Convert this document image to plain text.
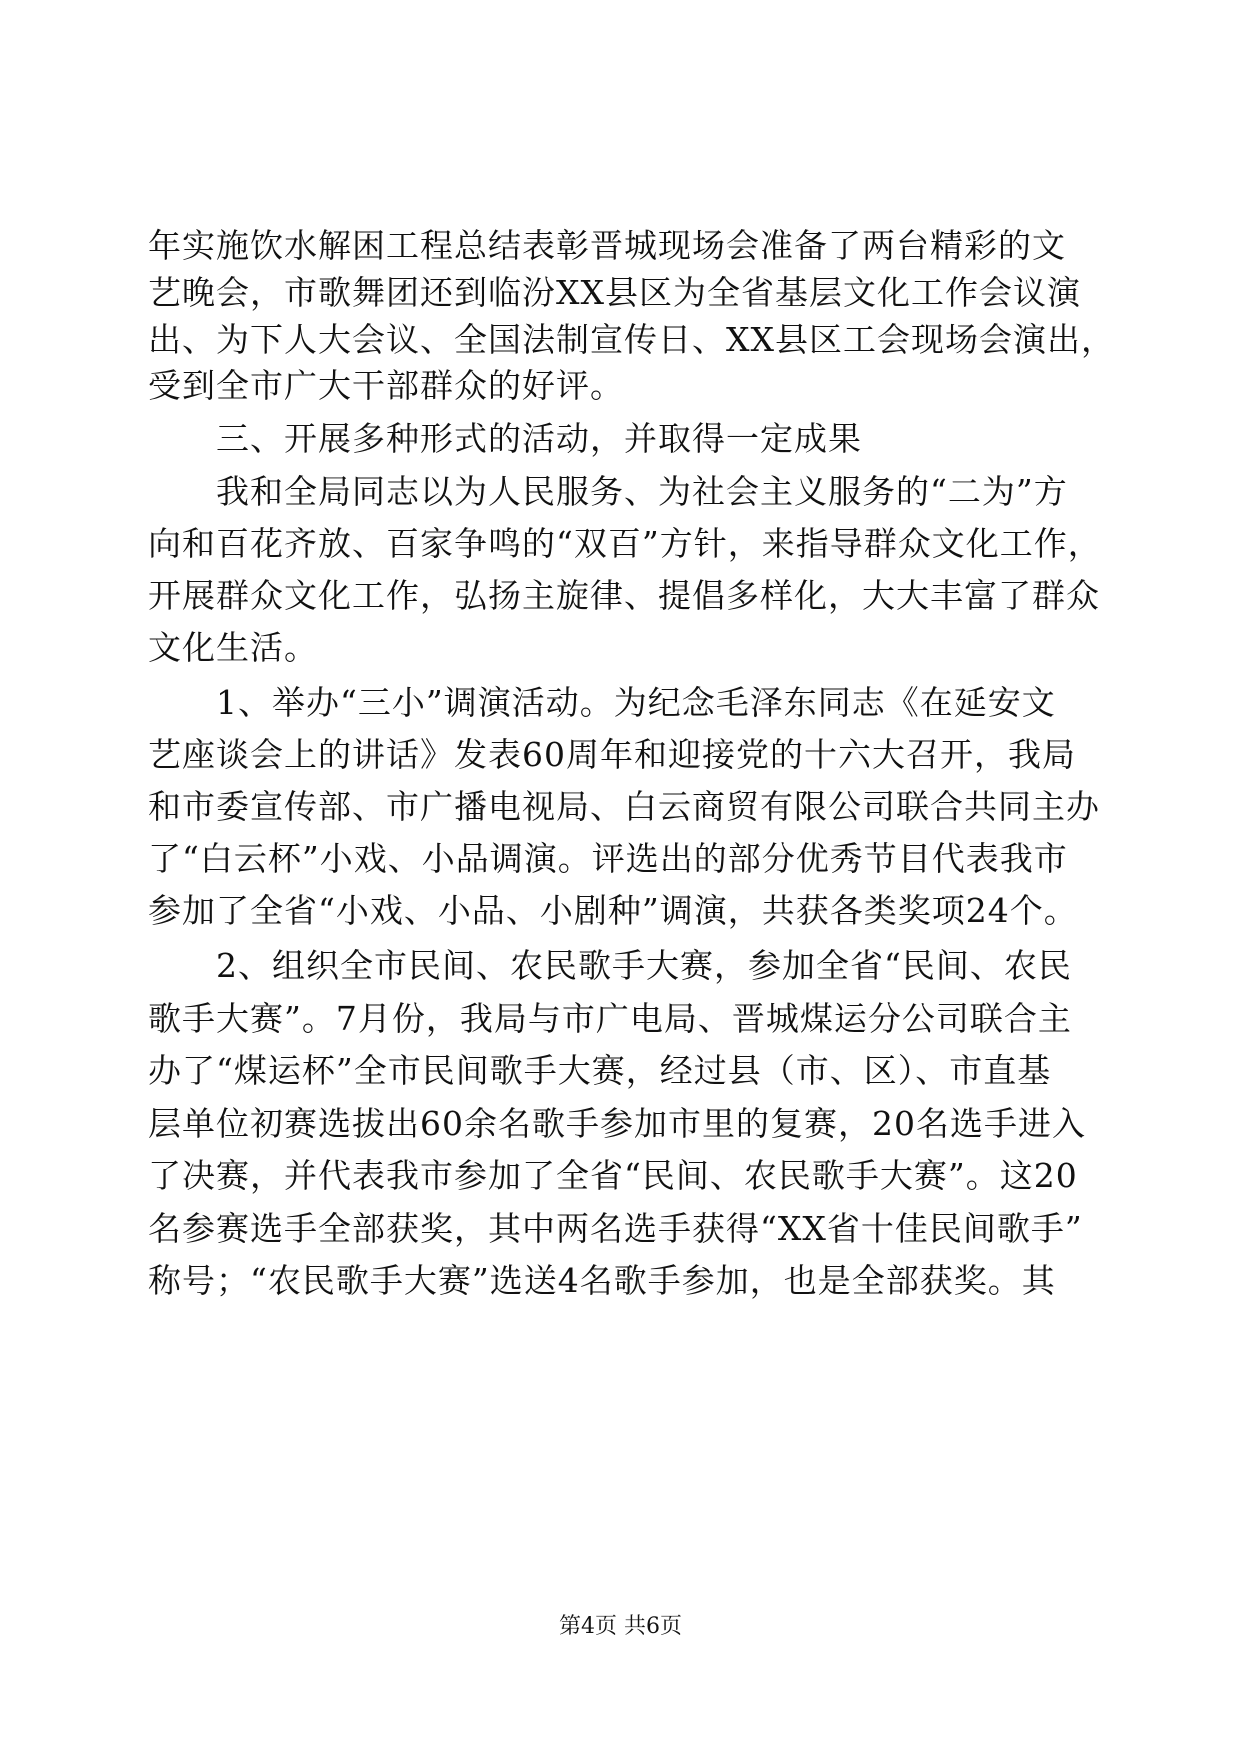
年实施饮水解困工程总结表彰晋城现场会准备了两台精彩的文
艺晚会，市歌舞团还到临汾XX县区为全省基层文化工作会议演
出、为下人大会议、全国法制宣传日、XX县区工会现场会演出，
受到全市广大干部群众的好评。
　　三、开展多种形式的活动，并取得一定成果
　　我和全局同志以为人民服务、为社会主义服务的“二为”方
向和百花齐放、百家争鸣的“双百”方针，来指导群众文化工作，
开展群众文化工作，弘扬主旋律、提倡多样化，大大丰富了群众
文化生活。
　　1、举办“三小”调演活动。为纪念毛泽东同志《在延安文
艺座谈会上的讲话》发表60周年和迎接党的十六大召开，我局
和市委宣传部、市广播电视局、白云商贸有限公司联合共同主办
了“白云杯”小戏、小品调演。评选出的部分优秀节目代表我市
参加了全省“小戏、小品、小剧种”调演，共获各类奖项24个。
　　2、组织全市民间、农民歌手大赛，参加全省“民间、农民
歌手大赛”。7月份，我局与市广电局、晋城煤运分公司联合主
办了“煤运杯”全市民间歌手大赛，经过县（市、区）、市直基
层单位初赛选拔出60余名歌手参加市里的复赛，20名选手进入
了决赛，并代表我市参加了全省“民间、农民歌手大赛”。这20
名参赛选手全部获奖，其中两名选手获得“XX省十佳民间歌手”
称号；“农民歌手大赛”选送4名歌手参加，也是全部获奖。其
第4页 共6页
